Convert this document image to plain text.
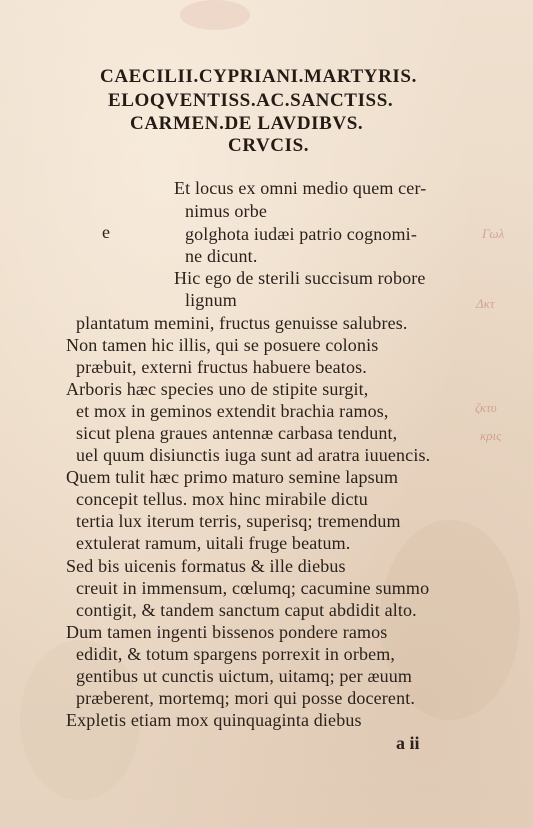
Γωλ

Δκτ

ζκτυ

κρις

CAECILII.CYPRIANI.MARTYRIS.
ELOQVENTISS.AC.SANCTISS.
CARMEN.DE LAVDIBVS.
CRVCIS.

e

Et locus ex omni medio quem cer-

nimus orbe

golghota iudæi patrio cognomi-

ne dicunt.

Hic ego de sterili succisum robore

lignum

plantatum memini, fructus genuisse salubres.

Non tamen hic illis, qui se posuere colonis

præbuit, externi fructus habuere beatos.

Arboris hæc species uno de stipite surgit,

et mox in geminos extendit brachia ramos,

sicut plena graues antennæ carbasa tendunt,

uel quum disiunctis iuga sunt ad aratra iuuencis.

Quem tulit hæc primo maturo semine lapsum

concepit tellus. mox hinc mirabile dictu

tertia lux iterum terris, superisq; tremendum

extulerat ramum, uitali fruge beatum.

Sed bis uicenis formatus & ille diebus

creuit in immensum, cœlumq; cacumine summo

contigit, & tandem sanctum caput abdidit alto.

Dum tamen ingenti bissenos pondere ramos

edidit, & totum spargens porrexit in orbem,

gentibus ut cunctis uictum, uitamq; per æuum

præberent, mortemq; mori qui posse docerent.

Expletis etiam mox quinquaginta diebus

a ii
